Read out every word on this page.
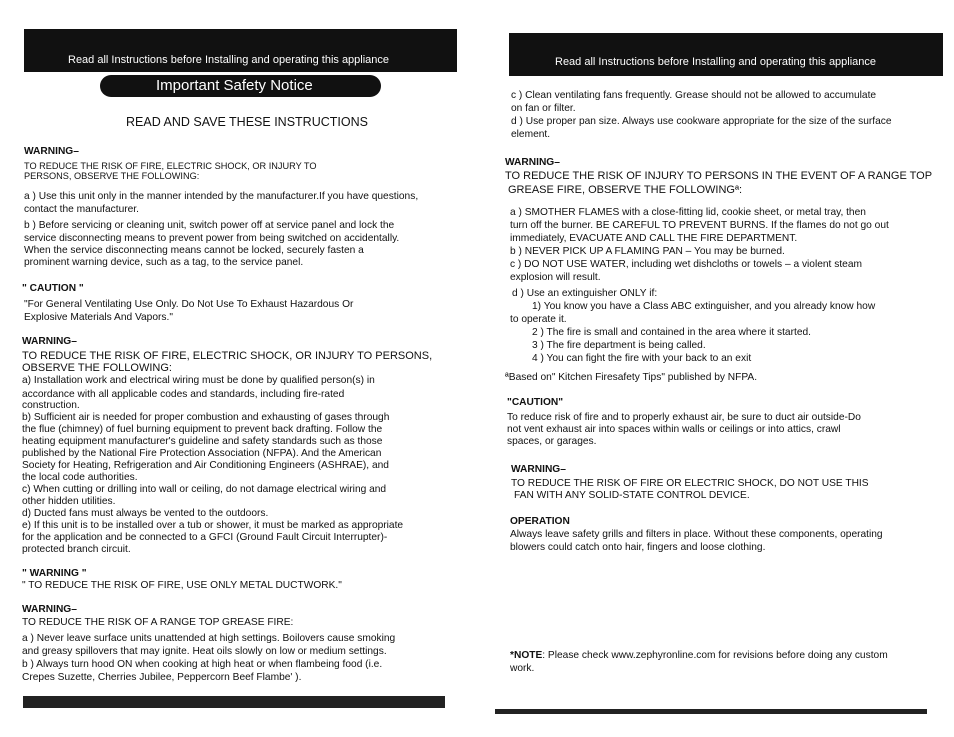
Read all Instructions before Installing and operating this appliance
Important Safety Notice
READ AND SAVE THESE INSTRUCTIONS
WARNING–
TO REDUCE THE RISK OF FIRE, ELECTRIC SHOCK, OR INJURY TO
PERSONS, OBSERVE THE FOLLOWING:
a ) Use this unit only in the manner intended by the manufacturer.If you have questions,
contact the manufacturer.
b ) Before servicing or cleaning unit, switch power off at service panel and lock the
service disconnecting means to prevent power from being switched on accidentally.
When the service disconnecting means cannot be locked, securely fasten a
prominent warning device, such as a tag, to the service panel.
" CAUTION "
"For General Ventilating Use Only. Do Not Use To Exhaust Hazardous Or
Explosive Materials And Vapors."
WARNING–
TO REDUCE THE RISK OF FIRE, ELECTRIC SHOCK, OR INJURY TO PERSONS,
OBSERVE THE FOLLOWING:
a) Installation work and electrical wiring must be done by qualified person(s) in
accordance with all applicable codes and standards, including fire-rated
construction.
b) Sufficient air is needed for proper combustion and exhausting of gases through
the flue (chimney) of fuel burning equipment to prevent back drafting. Follow the
heating equipment manufacturer's guideline and safety standards such as those
published by the National Fire Protection Association (NFPA). And the American
Society for Heating, Refrigeration and Air Conditioning Engineers (ASHRAE), and
the local code authorities.
c) When cutting or drilling into wall or ceiling, do not damage electrical wiring and
other hidden utilities.
d) Ducted fans must always be vented to the outdoors.
e) If this unit is to be installed over a tub or shower, it must be marked as appropriate
for the application and be connected to a GFCI (Ground Fault Circuit Interrupter)-
protected branch circuit.
" WARNING "
" TO REDUCE THE RISK OF FIRE, USE ONLY METAL DUCTWORK."
WARNING–
TO REDUCE THE RISK OF A RANGE TOP GREASE FIRE:
a ) Never leave surface units unattended at high settings. Boilovers cause smoking
and greasy spillovers that may ignite. Heat oils slowly on low or medium settings.
b ) Always turn hood ON when cooking at high heat or when flambeing food (i.e.
Crepes Suzette, Cherries Jubilee, Peppercorn Beef Flambe' ).
Read all Instructions before Installing and operating this appliance
c ) Clean ventilating fans frequently. Grease should not be allowed to accumulate
on fan or filter.
d ) Use proper pan size. Always use cookware appropriate for the size of the surface
element.
WARNING–
TO REDUCE THE RISK OF INJURY TO PERSONS IN THE EVENT OF A RANGE TOP
GREASE FIRE, OBSERVE THE FOLLOWINGª:
a ) SMOTHER FLAMES with a close-fitting lid, cookie sheet, or metal tray, then
turn off the burner. BE CAREFUL TO PREVENT BURNS. If the flames do not go out
immediately, EVACUATE AND CALL THE FIRE DEPARTMENT.
b ) NEVER PICK UP A FLAMING PAN – You may be burned.
c ) DO NOT USE WATER, including wet dishcloths or towels – a violent steam
explosion will result.
d ) Use an extinguisher ONLY if:
1) You know you have a Class ABC extinguisher, and you already know how
to operate it.
2 ) The fire is small and contained in the area where it started.
3 ) The fire department is being called.
4 ) You can fight the fire with your back to an exit
ªBased on" Kitchen Firesafety Tips" published by NFPA.
"CAUTION"
To reduce risk of fire and to properly exhaust air, be sure to duct air outside-Do
not vent exhaust air into spaces within walls or ceilings or into attics, crawl
spaces, or garages.
WARNING–
TO REDUCE THE RISK OF FIRE OR ELECTRIC SHOCK, DO NOT USE THIS
FAN WITH ANY SOLID-STATE CONTROL DEVICE.
OPERATION
Always leave safety grills and filters in place. Without these components, operating
blowers could catch onto hair, fingers and loose clothing.
*NOTE: Please check www.zephyronline.com for revisions before doing any custom
work.
